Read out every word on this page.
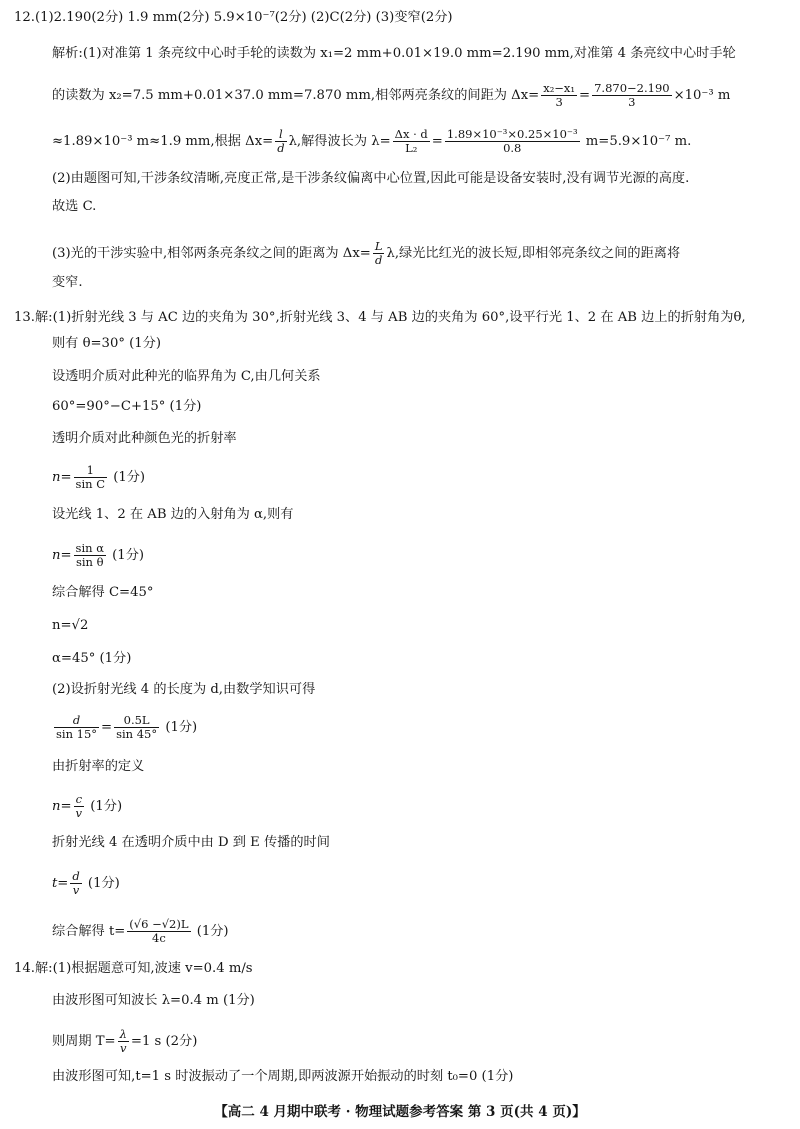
12.(1)2.190(2分) 1.9 mm(2分) 5.9×10⁻⁷(2分) (2)C(2分) (3)变窄(2分)
解析:(1)对准第 1 条亮纹中心时手轮的读数为 x₁=2 mm+0.01×19.0 mm=2.190 mm,对准第 4 条亮纹中心时手轮
的读数为 x₂=7.5 mm+0.01×37.0 mm=7.870 mm,相邻两亮条纹的间距为 $\Delta x= \frac{\text{x₂−x₁}}{3} = \frac{7.870-2.190}{3} \times 10^{-3}$ m
≈1.89×10⁻³ m≈1.9 mm,根据 $\Delta x= \frac{l}{d} \lambda$,解得波长为 $\lambda= \frac{\Delta x \cdot d}{\text{L₂}} = \frac{\text{1.89×10⁻³×0.25×10⁻³}}{0.8} m=5.9\times 10^{-7}$ m.
(2)由题图可知,干涉条纹清晰,亮度正常,是干涉条纹偏离中心位置,因此可能是设备安装时,没有调节光源的高度.
故选 C.
(3)光的干涉实验中,相邻两条亮条纹之间的距离为 $\Delta x= \frac{L}{d} \lambda$,绿光比红光的波长短,即相邻亮条纹之间的距离将
变窄.
13.解:(1)折射光线 3 与 AC 边的夹角为 30°,折射光线 3、4 与 AB 边的夹角为 60°,设平行光 1、2 在 AB 边上的折射角为θ,
则有 θ=30° (1分)
设透明介质对此种光的临界角为 C,由几何关系
60°=90°−C+15° (1分)
透明介质对此种颜色光的折射率
$n= \frac{1}{\text{sin C}} (1$分)
设光线 1、2 在 AB 边的入射角为 α,则有
$n= \frac{\text{sin α}}{\text{sin θ}} (1$分)
综合解得 C=45°
n=√2
α=45° (1分)
(2)设折射光线 4 的长度为 d,由数学知识可得
$\frac{d}{\sin 15^\circ} = \frac{0.5L}{\sin 45^\circ} (1$分)
由折射率的定义
$n= \frac{c}{v} (1$分)
折射光线 4 在透明介质中由 D 到 E 传播的时间
$t= \frac{d}{v} (1$分)
综合解得 $t= \frac{(√6 -√2)L}{4c} (1$分)
14.解:(1)根据题意可知,波速 v=0.4 m/s
由波形图可知波长 λ=0.4 m (1分)
则周期 $T= \frac{\lambda}{v} =1$ s (2分)
由波形图可知,t=1 s 时波振动了一个周期,即两波源开始振动的时刻 t₀=0 (1分)
【高二 4 月期中联考 · 物理试题参考答案 第 3 页(共 4 页)】
